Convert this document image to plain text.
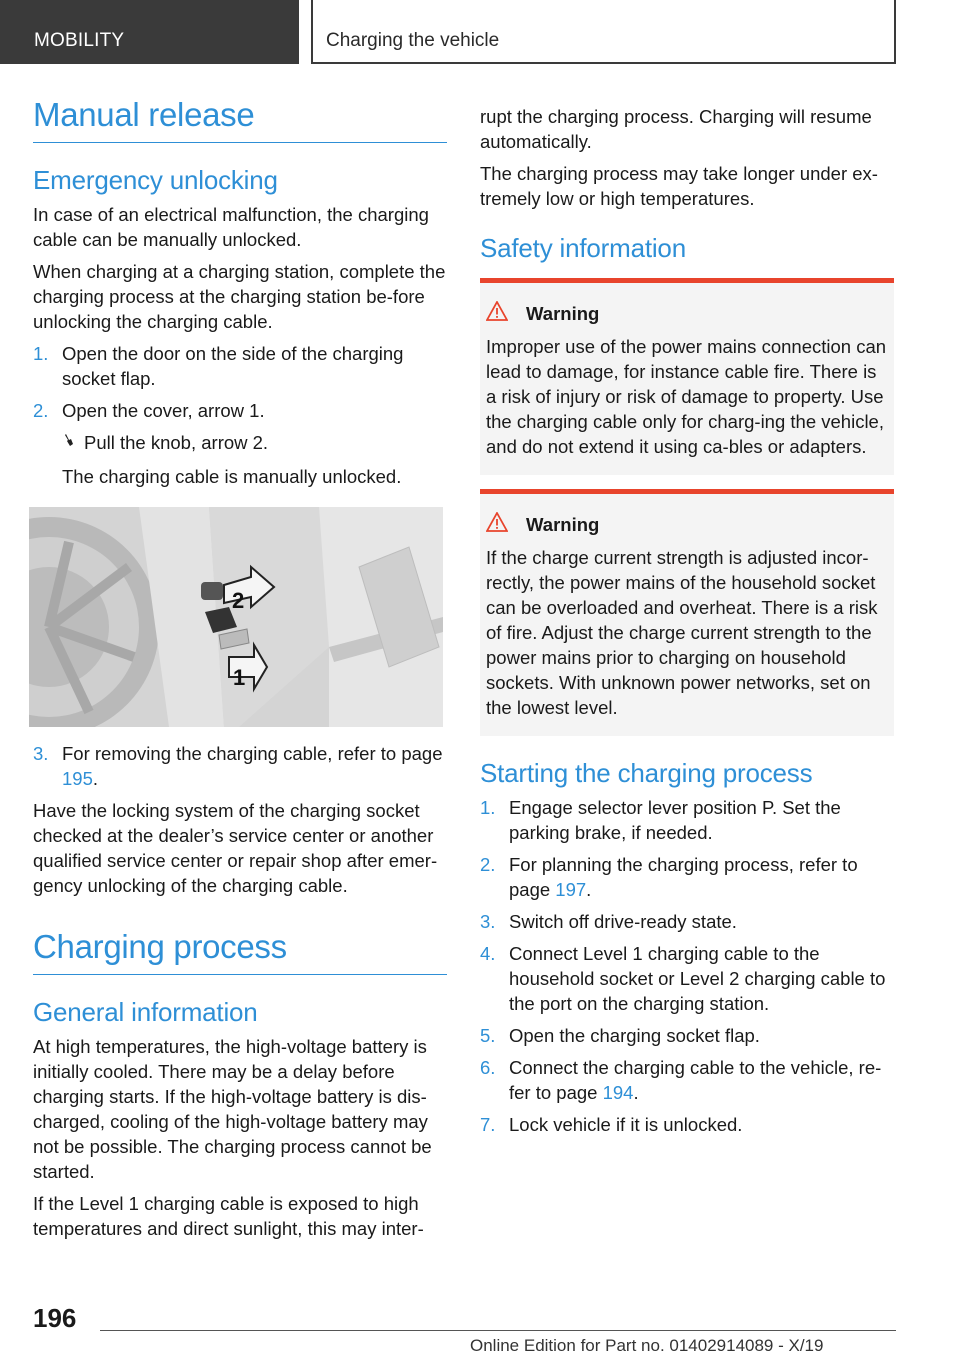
MOBILITY	Charging the vehicle
Manual release
Emergency unlocking

In case of an electrical malfunction, the charging cable can be manually unlocked.

When charging at a charging station, complete the charging process at the charging station be-fore unlocking the charging cable.

1. Open the door on the side of the charging socket flap.
2. Open the cover, arrow 1.
Pull the knob, arrow 2.
The charging cable is manually unlocked.
2
1
3. For removing the charging cable, refer to page 195.

Have the locking system of the charging socket checked at the dealer’s service center or another qualified service center or repair shop after emer-gency unlocking of the charging cable.

Charging process
General information

At high temperatures, the high-voltage battery is initially cooled. There may be a delay before charging starts. If the high-voltage battery is dis-charged, cooling of the high-voltage battery may not be possible. The charging process cannot be started.

If the Level 1 charging cable is exposed to high temperatures and direct sunlight, this may inter-

rupt the charging process. Charging will resume automatically.

The charging process may take longer under ex-tremely low or high temperatures.

Safety information
Warning

Improper use of the power mains connection can lead to damage, for instance cable fire. There is a risk of injury or risk of damage to property. Use the charging cable only for charg-ing the vehicle, and do not extend it using ca-bles or adapters.

Warning

If the charge current strength is adjusted incor-rectly, the power mains of the household socket can be overloaded and overheat. There is a risk of fire. Adjust the charge current strength to the power mains prior to charging on household sockets. With unknown power networks, set on the lowest level.

Starting the charging process
1. Engage selector lever position P. Set the parking brake, if needed.
2. For planning the charging process, refer to page 197.
3. Switch off drive-ready state.
4. Connect Level 1 charging cable to the household socket or Level 2 charging cable to the port on the charging station.
5. Open the charging socket flap.
6. Connect the charging cable to the vehicle, re-fer to page 194.
7. Lock vehicle if it is unlocked.
196
Online Edition for Part no. 01402914089 - X/19
